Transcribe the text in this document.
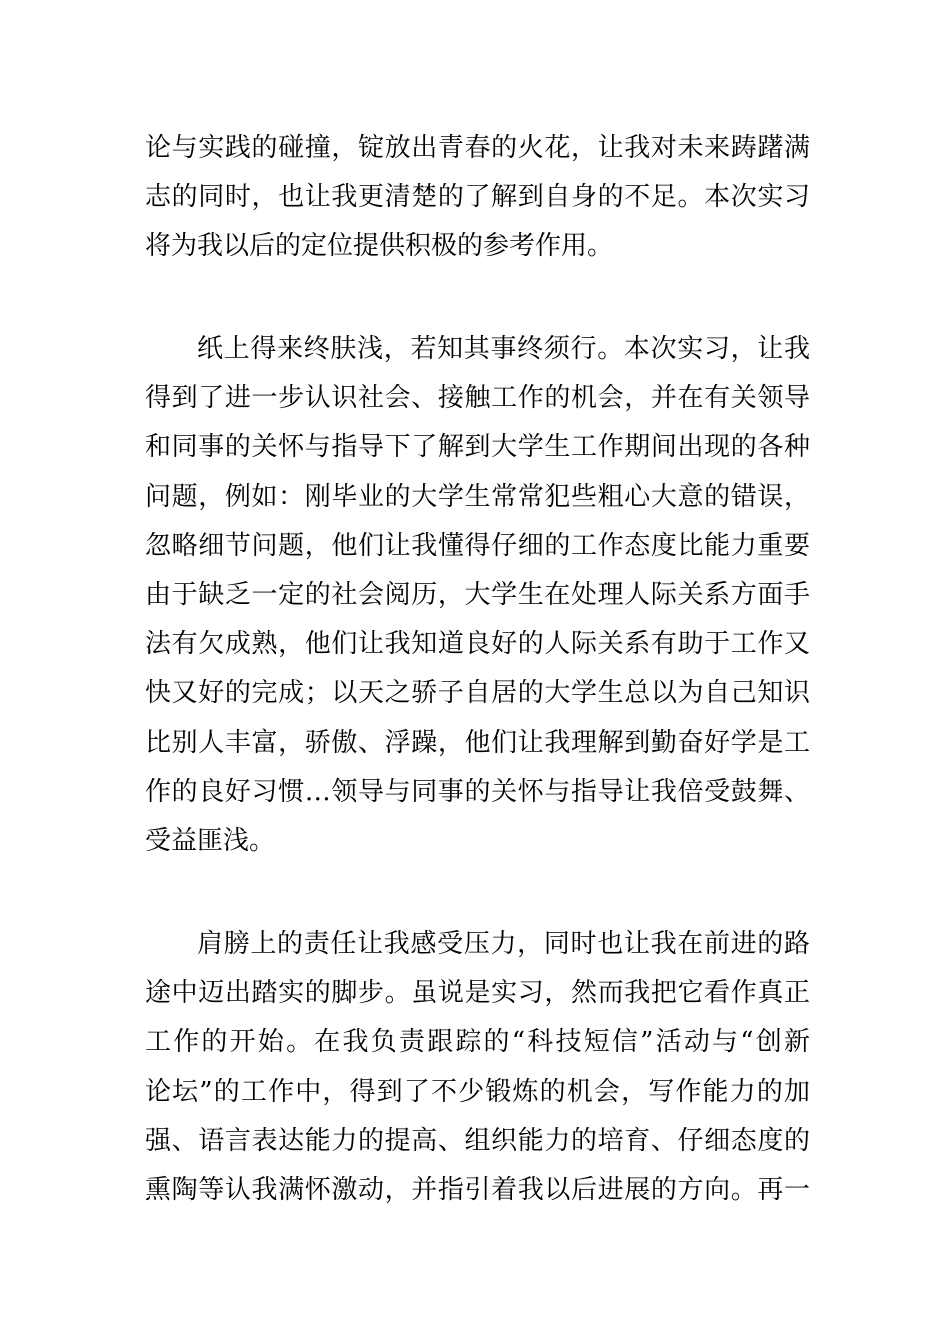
论与实践的碰撞，锭放出青春的火花，让我对未来踌躇满
志的同时，也让我更清楚的了解到自身的不足。本次实习
将为我以后的定位提供积极的参考作用。
纸上得来终肤浅，若知其事终须行。本次实习，让我
得到了进一步认识社会、接触工作的机会，并在有关领导
和同事的关怀与指导下了解到大学生工作期间出现的各种
问题，例如：刚毕业的大学生常常犯些粗心大意的错误，
忽略细节问题，他们让我懂得仔细的工作态度比能力重要
由于缺乏一定的社会阅历，大学生在处理人际关系方面手
法有欠成熟，他们让我知道良好的人际关系有助于工作又
快又好的完成；以天之骄子自居的大学生总以为自己知识
比别人丰富，骄傲、浮躁，他们让我理解到勤奋好学是工
作的良好习惯…领导与同事的关怀与指导让我倍受鼓舞、
受益匪浅。
肩膀上的责任让我感受压力，同时也让我在前进的路
途中迈出踏实的脚步。虽说是实习，然而我把它看作真正
工作的开始。在我负责跟踪的“科技短信”活动与“创新
论坛”的工作中，得到了不少锻炼的机会，写作能力的加
强、语言表达能力的提高、组织能力的培育、仔细态度的
熏陶等认我满怀激动，并指引着我以后进展的方向。再一
